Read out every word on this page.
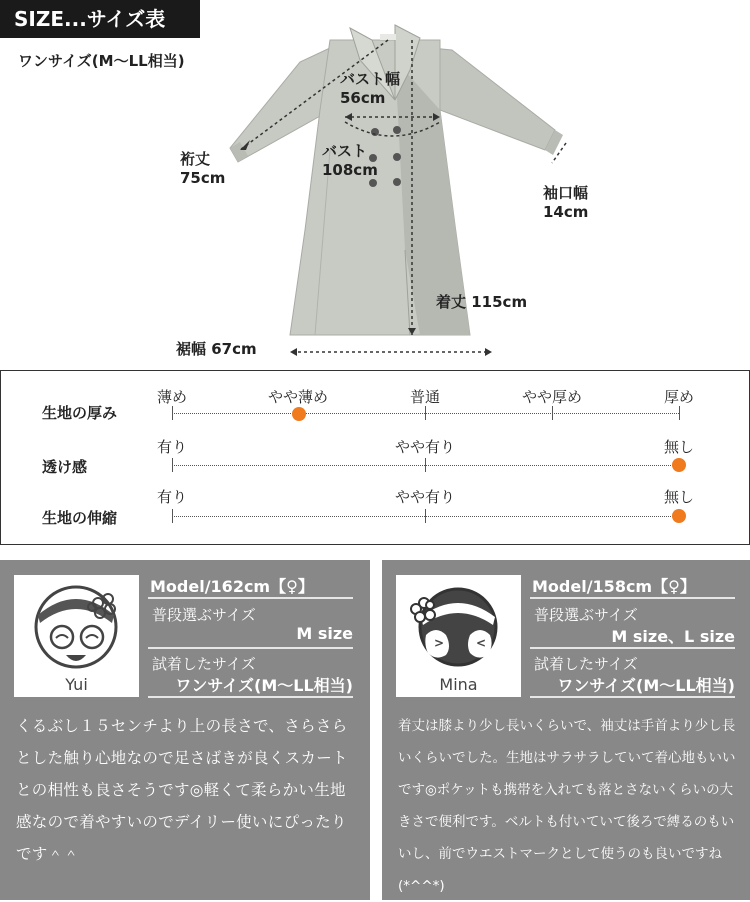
SIZE...サイズ表
ワンサイズ(M〜LL相当)
バスト幅
56cm
バスト
108cm
裄丈
75cm
袖口幅
14cm
着丈 115cm
裾幅 67cm
生地の厚み
薄め	やや薄め	普通	やや厚め	厚め
透け感
有り	やや有り	無し
生地の伸縮
有り	やや有り	無し
Yui
Model/162cm【♀】
普段選ぶサイズ
M size
試着したサイズ
ワンサイズ(M〜LL相当)
くるぶし１５センチより上の長さで、さらさらとした触り心地なので足さばきが良くスカートとの相性も良さそうです◎軽くて柔らかい生地感なので着やすいのでデイリー使いにぴったりです＾＾
>	<
Mina
Model/158cm【♀】
普段選ぶサイズ
M size、L size
試着したサイズ
ワンサイズ(M〜LL相当)
着丈は膝より少し長いくらいで、袖丈は手首より少し長いくらいでした。生地はサラサラしていて着心地もいいです◎ポケットも携帯を入れても落とさないくらいの大きさで便利です。ベルトも付いていて後ろで縛るのもいいし、前でウエストマークとして使うのも良いですね(*^^*)
